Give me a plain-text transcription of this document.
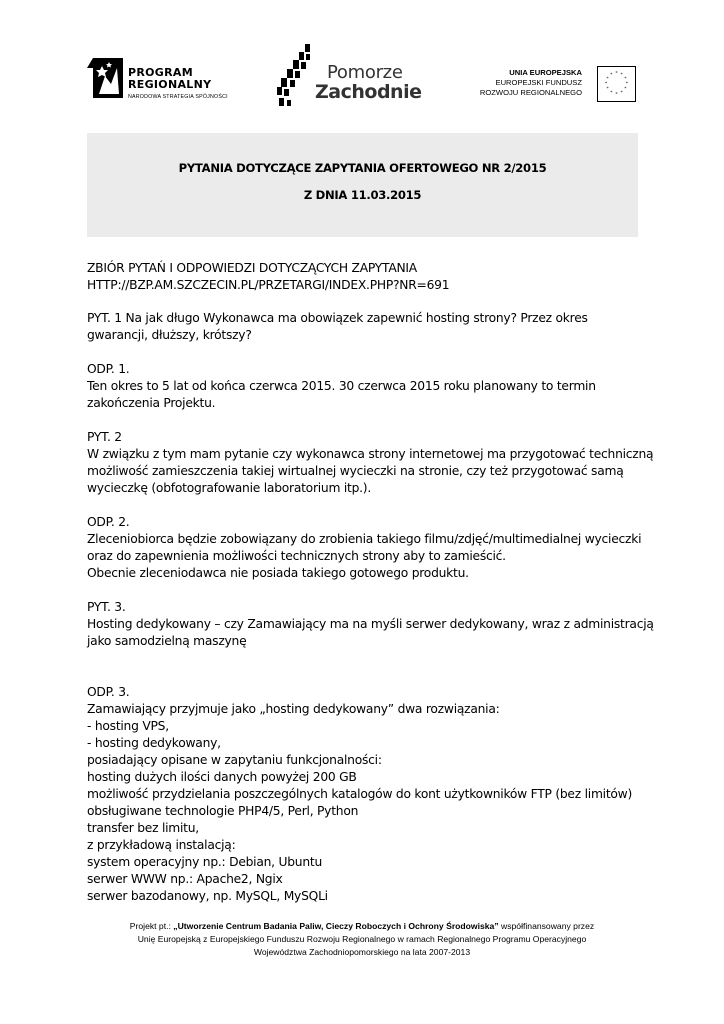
PROGRAM
REGIONALNY
NARODOWA STRATEGIA SPÓJNOŚCI
Pomorze
Zachodnie
UNIA EUROPEJSKA
EUROPEJSKI FUNDUSZ
ROZWOJU REGIONALNEGO
* *
*
*
*
*
*
*
*
*
*
*
PYTANIA DOTYCZĄCE ZAPYTANIA OFERTOWEGO NR 2/2015
Z DNIA 11.03.2015

ZBIÓR PYTAŃ I ODPOWIEDZI DOTYCZĄCYCH ZAPYTANIA

HTTP://BZP.AM.SZCZECIN.PL/PRZETARGI/INDEX.PHP?NR=691

PYT. 1 Na jak długo Wykonawca ma obowiązek zapewnić hosting strony? Przez okres

gwarancji, dłuższy, krótszy?

ODP. 1.

Ten okres to 5 lat od końca czerwca 2015. 30 czerwca 2015 roku planowany to termin

zakończenia Projektu.

PYT. 2

W związku z tym mam pytanie czy wykonawca strony internetowej ma przygotować techniczną

możliwość zamieszczenia takiej wirtualnej wycieczki na stronie, czy też przygotować samą

wycieczkę (obfotografowanie laboratorium itp.).

ODP. 2.

Zleceniobiorca będzie zobowiązany do zrobienia takiego filmu/zdjęć/multimedialnej wycieczki

oraz do zapewnienia możliwości technicznych strony aby to zamieścić.

Obecnie zleceniodawca nie posiada takiego gotowego produktu.

PYT. 3.

Hosting dedykowany – czy Zamawiający ma na myśli serwer dedykowany, wraz z administracją

jako samodzielną maszynę

ODP. 3.

Zamawiający przyjmuje jako „hosting dedykowany” dwa rozwiązania:

- hosting VPS,

- hosting dedykowany,

posiadający opisane w zapytaniu funkcjonalności:

hosting dużych ilości danych powyżej 200 GB

możliwość przydzielania poszczególnych katalogów do kont użytkowników FTP (bez limitów)

obsługiwane technologie PHP4/5, Perl, Python

transfer bez limitu,

z przykładową instalacją:

system operacyjny np.: Debian, Ubuntu

serwer WWW np.: Apache2, Ngix

serwer bazodanowy, np. MySQL, MySQLi

Projekt pt.: „Utworzenie Centrum Badania Paliw, Cieczy Roboczych i Ochrony Środowiska” współfinansowany przez
Unię Europejską z Europejskiego Funduszu Rozwoju Regionalnego w ramach Regionalnego Programu Operacyjnego
Województwa Zachodniopomorskiego na lata 2007-2013
